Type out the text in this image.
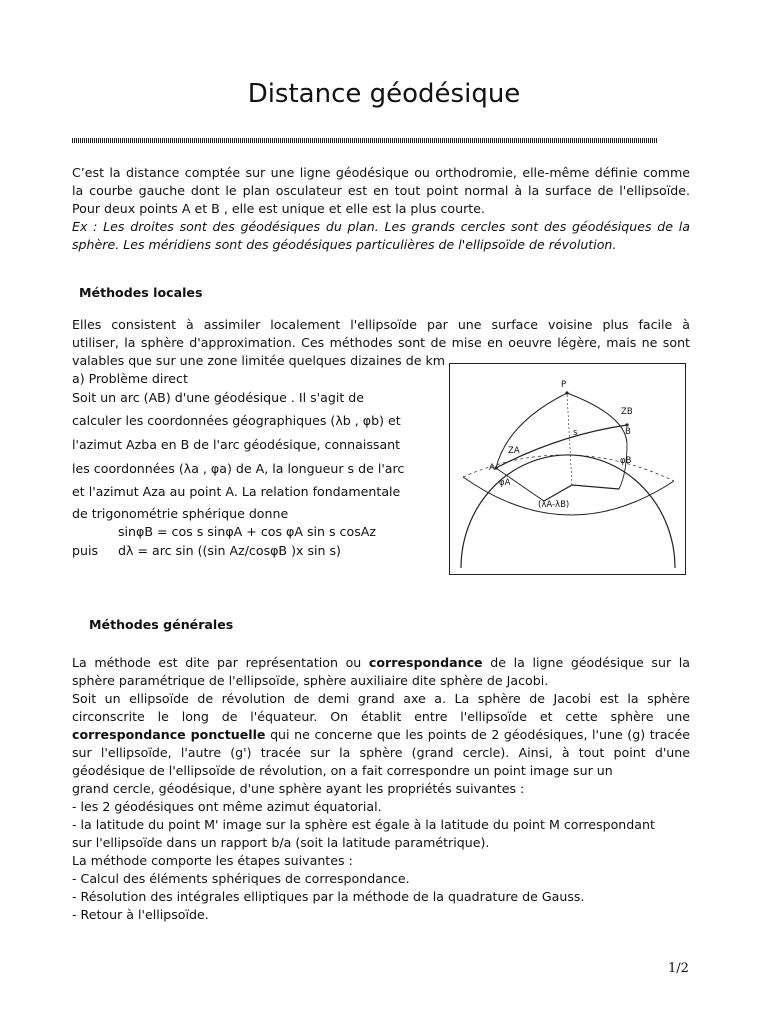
Distance géodésique
C’est la distance comptée sur une ligne géodésique ou orthodromie, elle-même définie comme
la courbe gauche dont le plan osculateur est en tout point normal à la surface de l'ellipsoïde.
Pour deux points A et B , elle est unique et elle est la plus courte.
Ex : Les droites sont des géodésiques du plan. Les grands cercles sont des géodésiques de la
sphère. Les méridiens sont des géodésiques particulières de l'ellipsoïde de révolution.
Méthodes locales
Elles consistent à assimiler localement l'ellipsoïde par une surface voisine plus facile à
utiliser, la sphère d'approximation. Ces méthodes sont de mise en oeuvre légère, mais ne sont
valables que sur une zone limitée quelques dizaines de km
a) Problème direct
Soit un arc (AB) d'une géodésique . Il s'agit de
calculer les coordonnées géographiques (λb , φb) et
l'azimut Azba en B de l'arc géodésique, connaissant
les coordonnées (λa , φa) de A, la longueur s de l'arc
et l'azimut Aza au point A. La relation fondamentale
de trigonométrie sphérique donne
sinφB = cos s sinφA + cos φA sin s cosAz
puis dλ = arc sin ((sin Az/cosφB )x sin s)
P
ZB
B
s
ZA
A
φA
φB
(λA-λB)
Méthodes générales
La méthode est dite par représentation ou correspondance de la ligne géodésique sur la
sphère paramétrique de l'ellipsoïde, sphère auxiliaire dite sphère de Jacobi.
Soit un ellipsoïde de révolution de demi grand axe a. La sphère de Jacobi est la sphère
circonscrite le long de l'équateur. On établit entre l'ellipsoïde et cette sphère une
correspondance ponctuelle qui ne concerne que les points de 2 géodésiques, l'une (g) tracée
sur l'ellipsoïde, l'autre (g') tracée sur la sphère (grand cercle). Ainsi, à tout point d'une
géodésique de l'ellipsoïde de révolution, on a fait correspondre un point image sur un
grand cercle, géodésique, d'une sphère ayant les propriétés suivantes :
- les 2 géodésiques ont même azimut équatorial.
- la latitude du point M' image sur la sphère est égale à la latitude du point M correspondant
sur l'ellipsoïde dans un rapport b/a (soit la latitude paramétrique).
La méthode comporte les étapes suivantes :
- Calcul des éléments sphériques de correspondance.
- Résolution des intégrales elliptiques par la méthode de la quadrature de Gauss.
- Retour à l'ellipsoïde.
1/2
